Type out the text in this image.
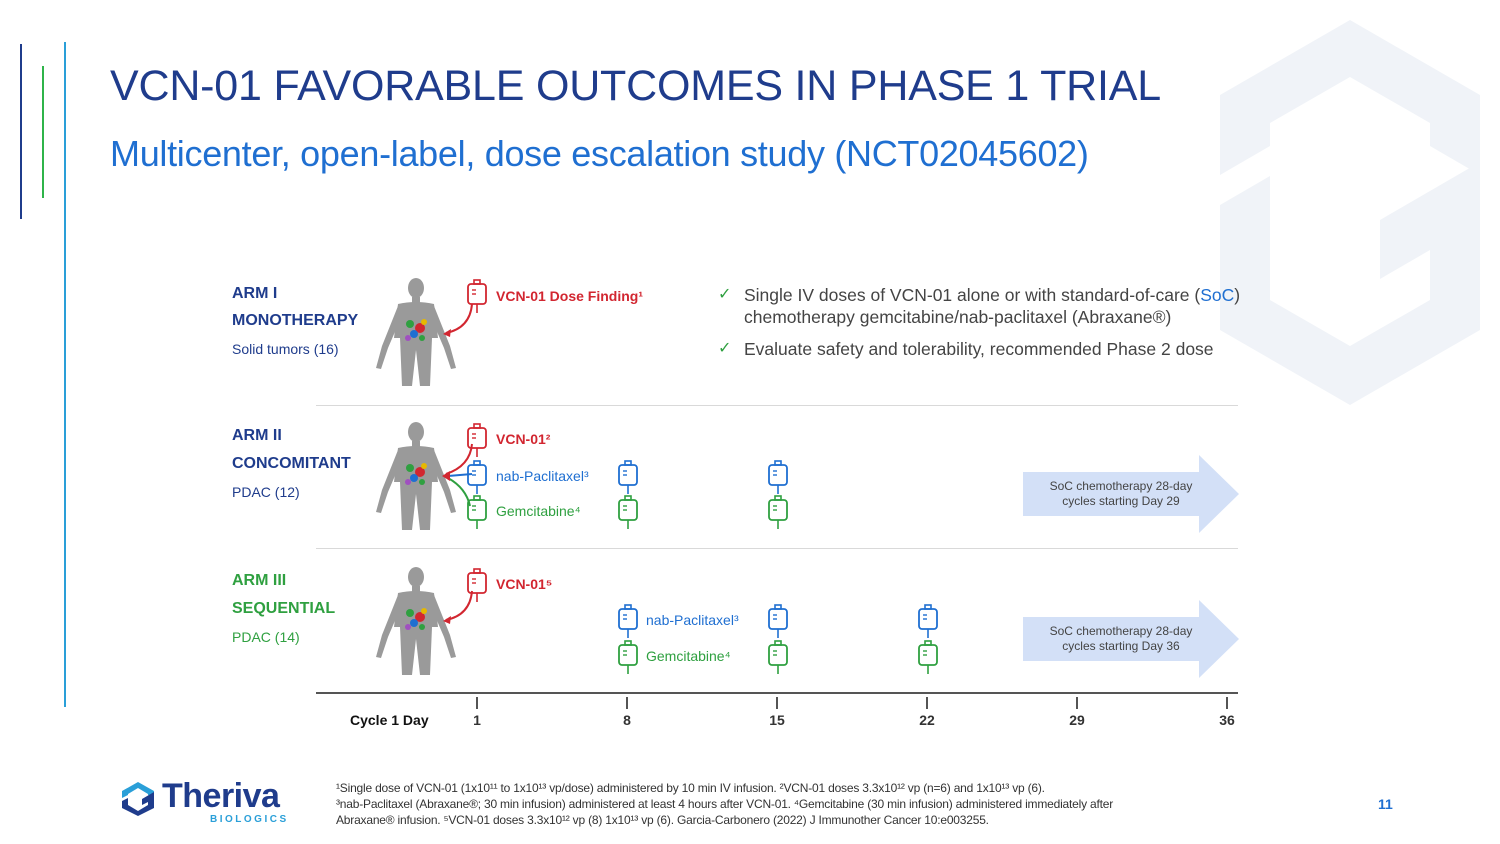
VCN-01 FAVORABLE OUTCOMES IN PHASE 1 TRIAL
Multicenter, open-label, dose escalation study (NCT02045602)
ARM I
MONOTHERAPY
Solid tumors (16)
VCN-01 Dose Finding¹	✓ Single IV doses of VCN-01 alone or with standard-of-care (SoC) chemotherapy gemcitabine/nab-paclitaxel (Abraxane®)
✓ Evaluate safety and tolerability, recommended Phase 2 dose
ARM II
CONCOMITANT
PDAC (12)
VCN-01²
nab-Paclitaxel³
Gemcitabine⁴
SoC chemotherapy 28-day cycles starting Day 29
ARM III
SEQUENTIAL
PDAC (14)
VCN-01⁵
nab-Paclitaxel³
Gemcitabine⁴
SoC chemotherapy 28-day cycles starting Day 36
Cycle 1 Day	1	8	15	22	29	36
Theriva
BIOLOGICS
¹Single dose of VCN-01 (1x10¹¹ to 1x10¹³ vp/dose) administered by 10 min IV infusion. ²VCN-01 doses 3.3x10¹² vp (n=6) and 1x10¹³ vp (6).
³nab-Paclitaxel (Abraxane®; 30 min infusion) administered at least 4 hours after VCN-01. ⁴Gemcitabine (30 min infusion) administered immediately after
Abraxane® infusion. ⁵VCN-01 doses 3.3x10¹² vp (8) 1x10¹³ vp (6). Garcia-Carbonero (2022) J Immunother Cancer 10:e003255.
11
